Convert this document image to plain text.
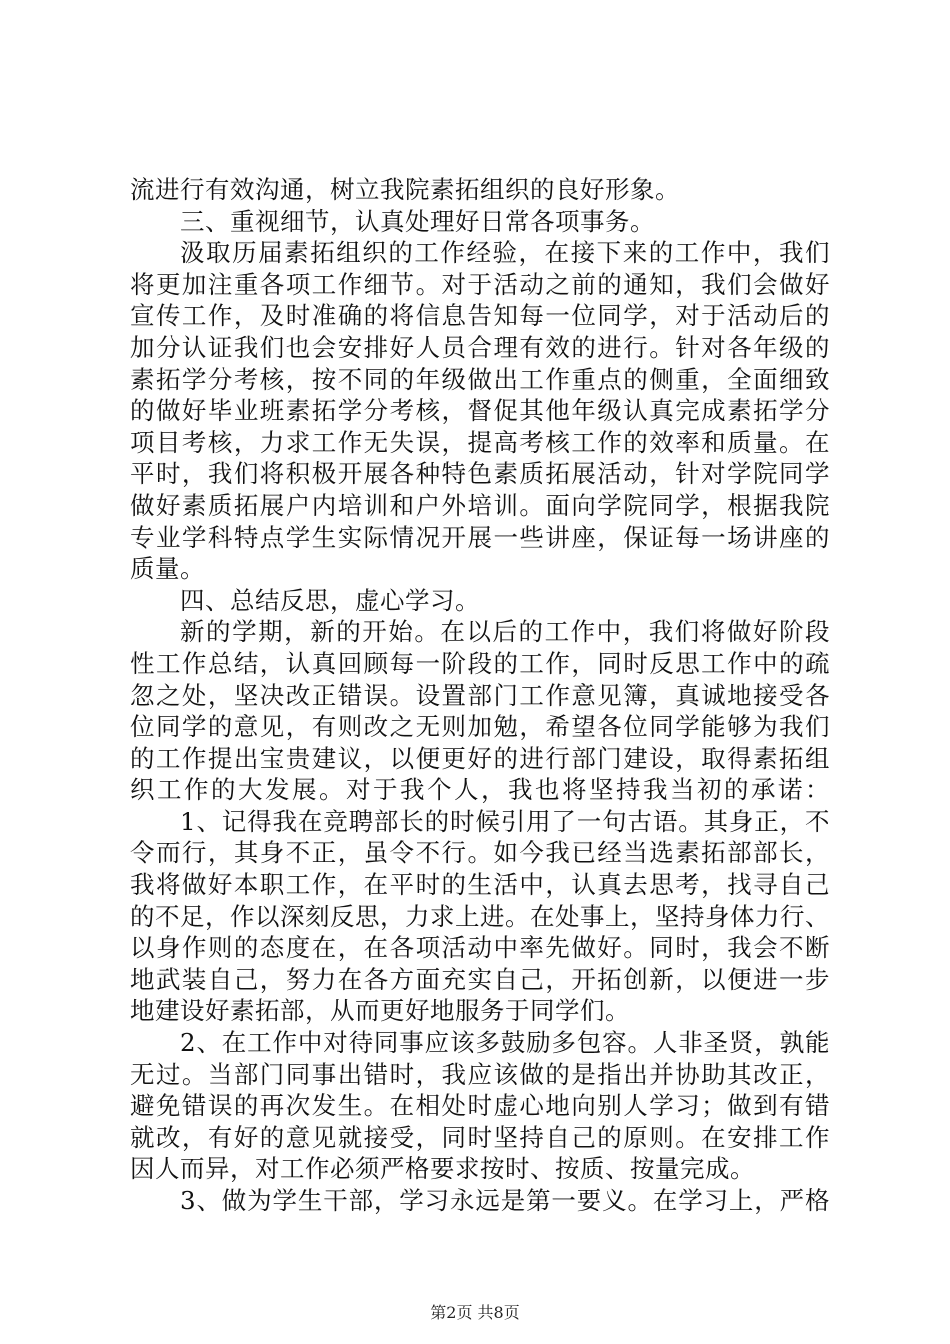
流进行有效沟通，树立我院素拓组织的良好形象。
三、重视细节，认真处理好日常各项事务。
汲取历届素拓组织的工作经验，在接下来的工作中，我们
将更加注重各项工作细节。对于活动之前的通知，我们会做好
宣传工作，及时准确的将信息告知每一位同学，对于活动后的
加分认证我们也会安排好人员合理有效的进行。针对各年级的
素拓学分考核，按不同的年级做出工作重点的侧重，全面细致
的做好毕业班素拓学分考核，督促其他年级认真完成素拓学分
项目考核，力求工作无失误，提高考核工作的效率和质量。在
平时，我们将积极开展各种特色素质拓展活动，针对学院同学
做好素质拓展户内培训和户外培训。面向学院同学，根据我院
专业学科特点学生实际情况开展一些讲座，保证每一场讲座的
质量。
四、总结反思，虚心学习。
新的学期，新的开始。在以后的工作中，我们将做好阶段
性工作总结，认真回顾每一阶段的工作，同时反思工作中的疏
忽之处，坚决改正错误。设置部门工作意见簿，真诚地接受各
位同学的意见，有则改之无则加勉，希望各位同学能够为我们
的工作提出宝贵建议，以便更好的进行部门建设，取得素拓组
织工作的大发展。对于我个人，我也将坚持我当初的承诺：
1、记得我在竞聘部长的时候引用了一句古语。其身正，不
令而行，其身不正，虽令不行。如今我已经当选素拓部部长，
我将做好本职工作，在平时的生活中，认真去思考，找寻自己
的不足，作以深刻反思，力求上进。在处事上，坚持身体力行、
以身作则的态度在，在各项活动中率先做好。同时，我会不断
地武装自己，努力在各方面充实自己，开拓创新，以便进一步
地建设好素拓部，从而更好地服务于同学们。
2、在工作中对待同事应该多鼓励多包容。人非圣贤，孰能
无过。当部门同事出错时，我应该做的是指出并协助其改正，
避免错误的再次发生。在相处时虚心地向别人学习；做到有错
就改，有好的意见就接受，同时坚持自己的原则。在安排工作
因人而异，对工作必须严格要求按时、按质、按量完成。
3、做为学生干部，学习永远是第一要义。在学习上，严格
第2页 共8页
